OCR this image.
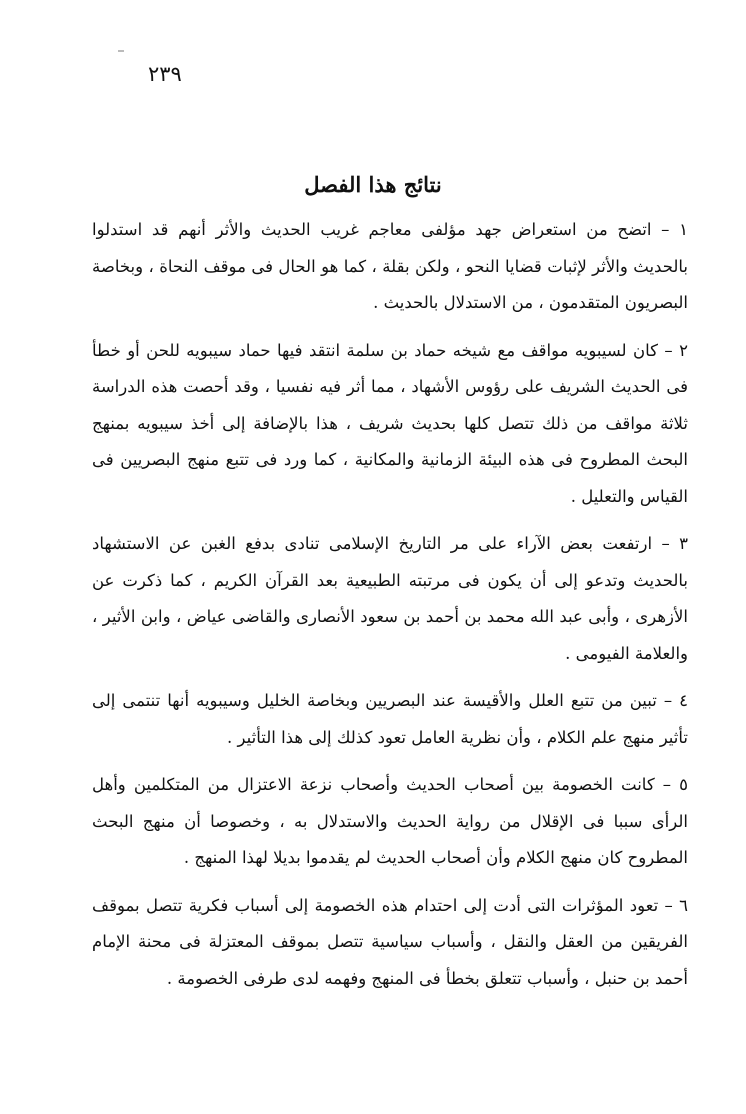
٢٣٩
نتائج هذا الفصل

١ – اتضح من استعراض جهد مؤلفى معاجم غريب الحديث والأثر أنهم قد استدلوا بالحديث والأثر لإثبات قضايا النحو ، ولكن بقلة ، كما هو الحال فى موقف النحاة ، وبخاصة البصريون المتقدمون ، من الاستدلال بالحديث .

٢ – كان لسيبويه مواقف مع شيخه حماد بن سلمة انتقد فيها حماد سيبويه للحن أو خطأ فى الحديث الشريف على رؤوس الأشهاد ، مما أثر فيه نفسيا ، وقد أحصت هذه الدراسة ثلاثة مواقف من ذلك تتصل كلها بحديث شريف ، هذا بالإضافة إلى أخذ سيبويه بمنهج البحث المطروح فى هذه البيئة الزمانية والمكانية ، كما ورد فى تتبع منهج البصريين فى القياس والتعليل .

٣ – ارتفعت بعض الآراء على مر التاريخ الإسلامى تنادى بدفع الغبن عن الاستشهاد بالحديث وتدعو إلى أن يكون فى مرتبته الطبيعية بعد القرآن الكريم ، كما ذكرت عن الأزهرى ، وأبى عبد الله محمد بن أحمد بن سعود الأنصارى والقاضى عياض ، وابن الأثير ، والعلامة الفيومى .

٤ – تبين من تتبع العلل والأقيسة عند البصريين وبخاصة الخليل وسيبويه أنها تنتمى إلى تأثير منهج علم الكلام ، وأن نظرية العامل تعود كذلك إلى هذا التأثير .

٥ – كانت الخصومة بين أصحاب الحديث وأصحاب نزعة الاعتزال من المتكلمين وأهل الرأى سببا فى الإقلال من رواية الحديث والاستدلال به ، وخصوصا أن منهج البحث المطروح كان منهج الكلام وأن أصحاب الحديث لم يقدموا بديلا لهذا المنهج .

٦ – تعود المؤثرات التى أدت إلى احتدام هذه الخصومة إلى أسباب فكرية تتصل بموقف الفريقين من العقل والنقل ، وأسباب سياسية تتصل بموقف المعتزلة فى محنة الإمام أحمد بن حنبل ، وأسباب تتعلق بخطأ فى المنهج وفهمه لدى طرفى الخصومة .
